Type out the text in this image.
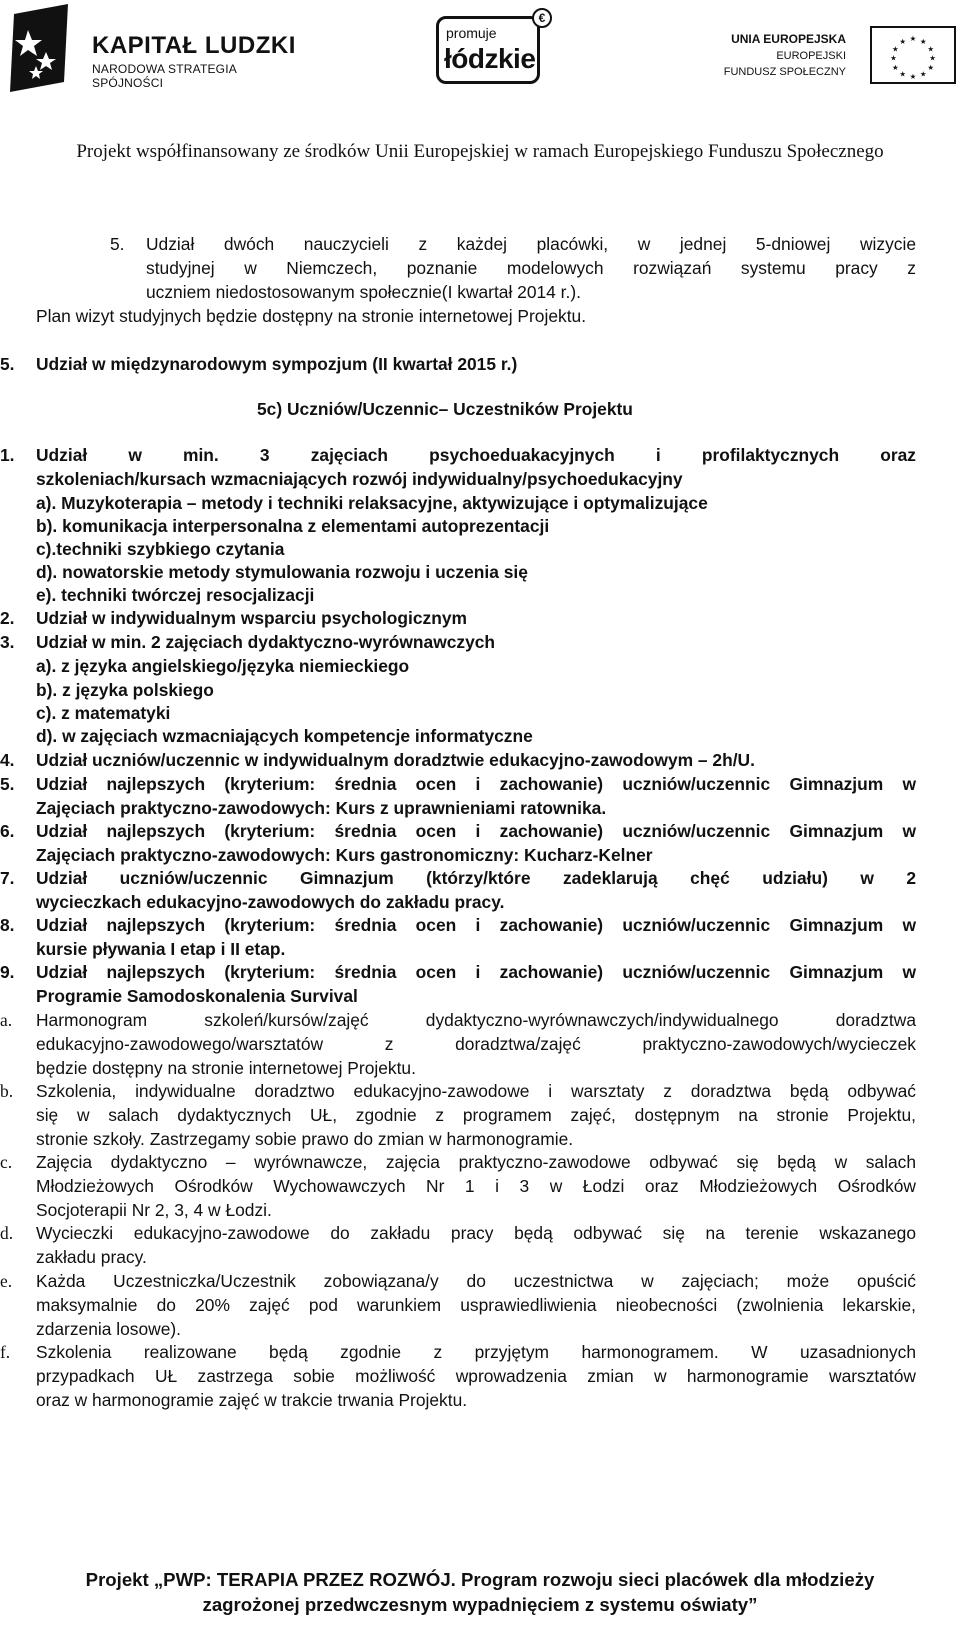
KAPITAŁ LUDZKI
NARODOWA STRATEGIA SPÓJNOŚCI
promuje
łódzkie
€
UNIA EUROPEJSKA
EUROPEJSKI
FUNDUSZ SPOŁECZNY
★ ★
★
★
★
★
★
★
★
★
★
★
Projekt współfinansowany ze środków Unii Europejskiej w ramach Europejskiego Funduszu Społecznego
5. Udział dwóch nauczycieli z każdej placówki, w jednej 5-dniowej wizycie
studyjnej w Niemczech, poznanie modelowych rozwiązań systemu pracy z
uczniem niedostosowanym społecznie(I kwartał 2014 r.).
Plan wizyt studyjnych będzie dostępny na stronie internetowej Projektu.
5. Udział w międzynarodowym sympozjum (II kwartał 2015 r.)
5c) Uczniów/Uczennic– Uczestników Projektu
1. Udział w min. 3 zajęciach psychoeduakacyjnych i profilaktycznych oraz
szkoleniach/kursach wzmacniających rozwój indywidualny/psychoedukacyjny
a). Muzykoterapia – metody i techniki relaksacyjne, aktywizujące i optymalizujące
b). komunikacja interpersonalna z elementami autoprezentacji
c).techniki szybkiego czytania
d). nowatorskie metody stymulowania rozwoju i uczenia się
e). techniki twórczej resocjalizacji
2. Udział w indywidualnym wsparciu psychologicznym
3. Udział w min. 2 zajęciach dydaktyczno-wyrównawczych
a). z języka angielskiego/języka niemieckiego
b). z języka polskiego
c). z matematyki
d). w zajęciach wzmacniających kompetencje informatyczne
4. Udział uczniów/uczennic w indywidualnym doradztwie edukacyjno-zawodowym – 2h/U.
5. Udział najlepszych (kryterium: średnia ocen i zachowanie) uczniów/uczennic Gimnazjum w
Zajęciach praktyczno-zawodowych: Kurs z uprawnieniami ratownika.
6. Udział najlepszych (kryterium: średnia ocen i zachowanie) uczniów/uczennic Gimnazjum w
Zajęciach praktyczno-zawodowych: Kurs gastronomiczny: Kucharz-Kelner
7. Udział uczniów/uczennic Gimnazjum (którzy/które zadeklarują chęć udziału) w 2
wycieczkach edukacyjno-zawodowych do zakładu pracy.
8. Udział najlepszych (kryterium: średnia ocen i zachowanie) uczniów/uczennic Gimnazjum w
kursie pływania I etap i II etap.
9. Udział najlepszych (kryterium: średnia ocen i zachowanie) uczniów/uczennic Gimnazjum w
Programie Samodoskonalenia Survival
a. Harmonogram szkoleń/kursów/zajęć dydaktyczno-wyrównawczych/indywidualnego doradztwa
edukacyjno-zawodowego/warsztatów z doradztwa/zajęć praktyczno-zawodowych/wycieczek
będzie dostępny na stronie internetowej Projektu.
b. Szkolenia, indywidualne doradztwo edukacyjno-zawodowe i warsztaty z doradztwa będą odbywać
się w salach dydaktycznych UŁ, zgodnie z programem zajęć, dostępnym na stronie Projektu,
stronie szkoły. Zastrzegamy sobie prawo do zmian w harmonogramie.
c. Zajęcia dydaktyczno – wyrównawcze, zajęcia praktyczno-zawodowe odbywać się będą w salach
Młodzieżowych Ośrodków Wychowawczych Nr 1 i 3 w Łodzi oraz Młodzieżowych Ośrodków
Socjoterapii Nr 2, 3, 4 w Łodzi.
d. Wycieczki edukacyjno-zawodowe do zakładu pracy będą odbywać się na terenie wskazanego
zakładu pracy.
e. Każda Uczestniczka/Uczestnik zobowiązana/y do uczestnictwa w zajęciach; może opuścić
maksymalnie do 20% zajęć pod warunkiem usprawiedliwienia nieobecności (zwolnienia lekarskie,
zdarzenia losowe).
f. Szkolenia realizowane będą zgodnie z przyjętym harmonogramem. W uzasadnionych
przypadkach UŁ zastrzega sobie możliwość wprowadzenia zmian w harmonogramie warsztatów
oraz w harmonogramie zajęć w trakcie trwania Projektu.
Projekt „PWP: TERAPIA PRZEZ ROZWÓJ. Program rozwoju sieci placówek dla młodzieży
zagrożonej przedwczesnym wypadnięciem z systemu oświaty”
